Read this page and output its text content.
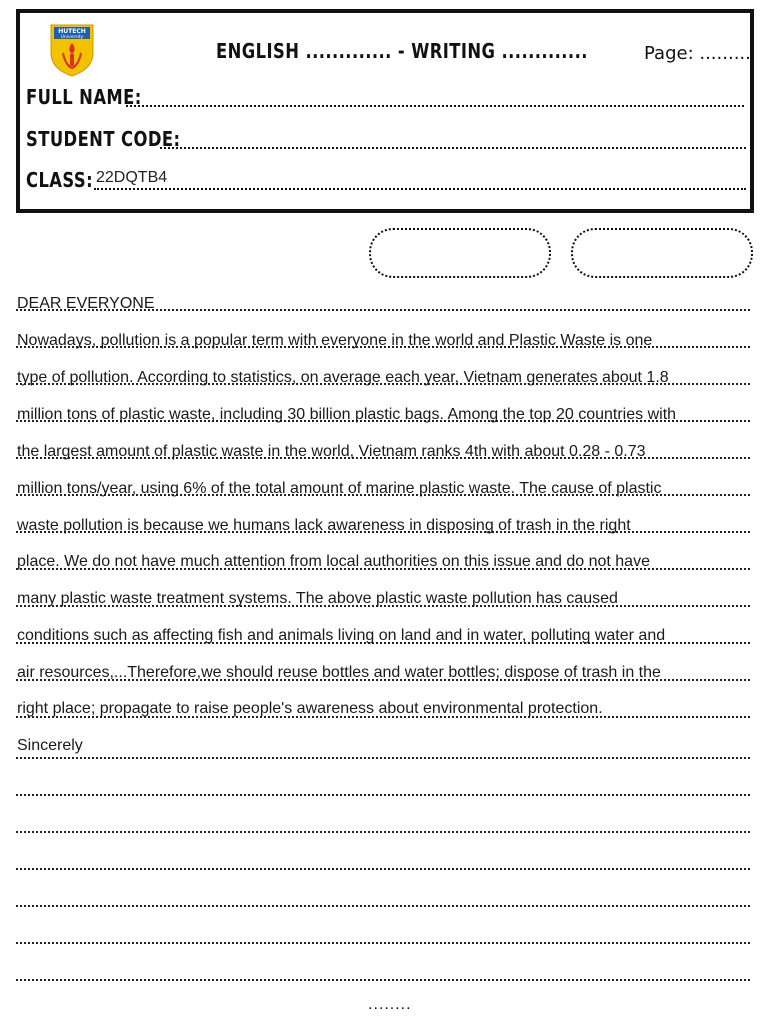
HUTECH
University
ENGLISH ............. - WRITING .............	Page: .........
FULL NAME:
STUDENT CODE:
CLASS: 22DQTB4
DEAR EVERYONE
Nowadays, pollution is a popular term with everyone in the world and Plastic Waste is one
type of pollution. According to statistics, on average each year, Vietnam generates about 1.8
million tons of plastic waste, including 30 billion plastic bags. Among the top 20 countries with
the largest amount of plastic waste in the world, Vietnam ranks 4th with about 0.28 - 0.73
million tons/year, using 6% of the total amount of marine plastic waste. The cause of plastic
waste pollution is because we humans lack awareness in disposing of trash in the right
place. We do not have much attention from local authorities on this issue and do not have
many plastic waste treatment systems. The above plastic waste pollution has caused
conditions such as affecting fish and animals living on land and in water, polluting water and
air resources,...Therefore,we should reuse bottles and water bottles; dispose of trash in the
right place; propagate to raise people's awareness about environmental protection.
Sincerely
........
